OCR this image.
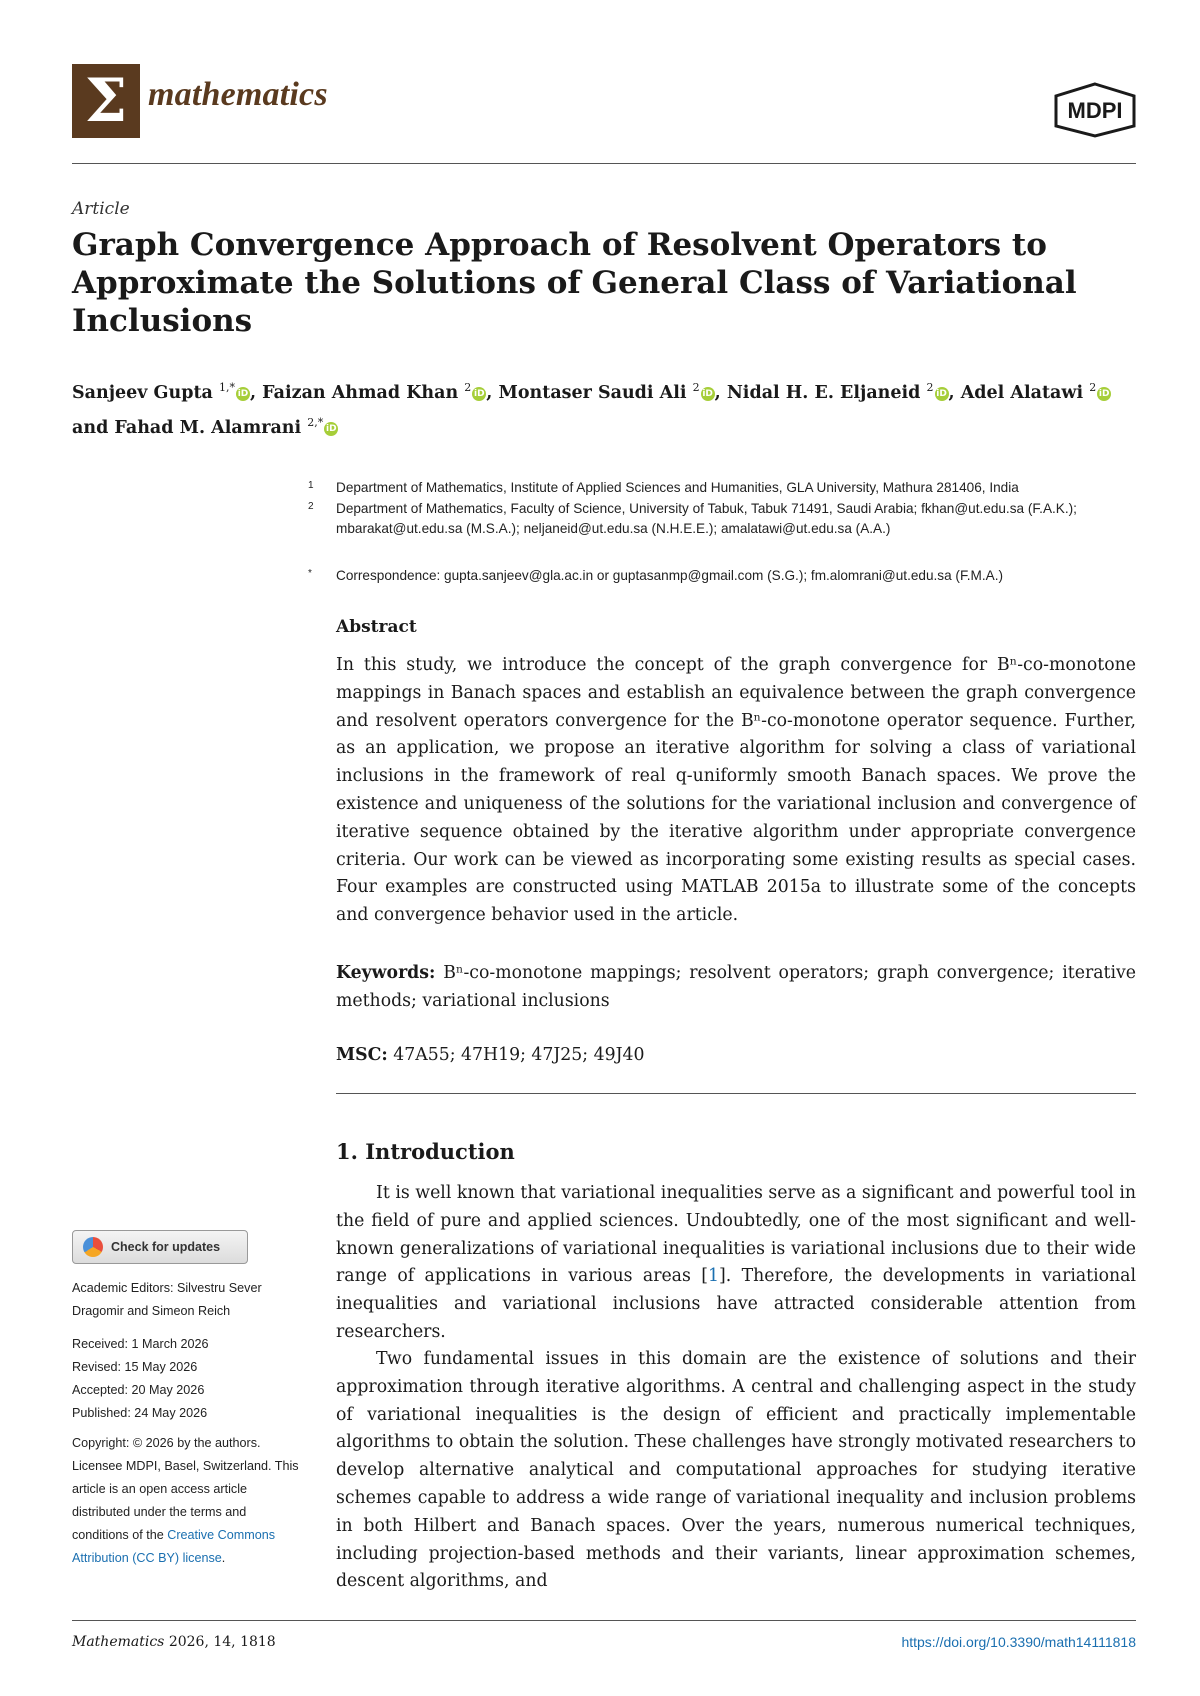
Σ mathematics	MDPI
Article
Graph Convergence Approach of Resolvent Operators to Approximate the Solutions of General Class of Variational Inclusions
Sanjeev Gupta $^{1,*}$ iD, Faizan Ahmad Khan $^2$ iD, Montaser Saudi Ali $^2$ iD, Nidal H. E. Eljaneid $^2$ iD, Adel Alatawi $^2$ iD
and Fahad M. Alamrani $^{2,*}$ iD
1 Department of Mathematics, Institute of Applied Sciences and Humanities, GLA University, Mathura 281406, India
2 Department of Mathematics, Faculty of Science, University of Tabuk, Tabuk 71491, Saudi Arabia; fkhan@ut.edu.sa (F.A.K.); mbarakat@ut.edu.sa (M.S.A.); neljaneid@ut.edu.sa (N.H.E.E.); amalatawi@ut.edu.sa (A.A.)
* Correspondence: gupta.sanjeev@gla.ac.in or guptasanmp@gmail.com (S.G.); fm.alomrani@ut.edu.sa (F.M.A.)
Abstract
In this study, we introduce the concept of the graph convergence for Bⁿ-co-monotone mappings in Banach spaces and establish an equivalence between the graph convergence and resolvent operators convergence for the Bⁿ-co-monotone operator sequence. Further, as an application, we propose an iterative algorithm for solving a class of variational inclusions in the framework of real q-uniformly smooth Banach spaces. We prove the existence and uniqueness of the solutions for the variational inclusion and convergence of iterative sequence obtained by the iterative algorithm under appropriate convergence criteria. Our work can be viewed as incorporating some existing results as special cases. Four examples are constructed using MATLAB 2015a to illustrate some of the concepts and convergence behavior used in the article.
Keywords: Bⁿ-co-monotone mappings; resolvent operators; graph convergence; iterative methods; variational inclusions
MSC: 47A55; 47H19; 47J25; 49J40
1. Introduction
It is well known that variational inequalities serve as a significant and powerful tool in the field of pure and applied sciences. Undoubtedly, one of the most significant and well-known generalizations of variational inequalities is variational inclusions due to their wide range of applications in various areas [1]. Therefore, the developments in variational inequalities and variational inclusions have attracted considerable attention from researchers.
Two fundamental issues in this domain are the existence of solutions and their approximation through iterative algorithms. A central and challenging aspect in the study of variational inequalities is the design of efficient and practically implementable algorithms to obtain the solution. These challenges have strongly motivated researchers to develop alternative analytical and computational approaches for studying iterative schemes capable to address a wide range of variational inequality and inclusion problems in both Hilbert and Banach spaces. Over the years, numerous numerical techniques, including projection-based methods and their variants, linear approximation schemes, descent algorithms, and
Check for updates
Academic Editors: Silvestru Sever Dragomir and Simeon Reich
Received: 1 March 2026
Revised: 15 May 2026
Accepted: 20 May 2026
Published: 24 May 2026
Copyright: © 2026 by the authors. Licensee MDPI, Basel, Switzerland. This article is an open access article distributed under the terms and conditions of the Creative Commons Attribution (CC BY) license.
Mathematics 2026, 14, 1818	https://doi.org/10.3390/math14111818
